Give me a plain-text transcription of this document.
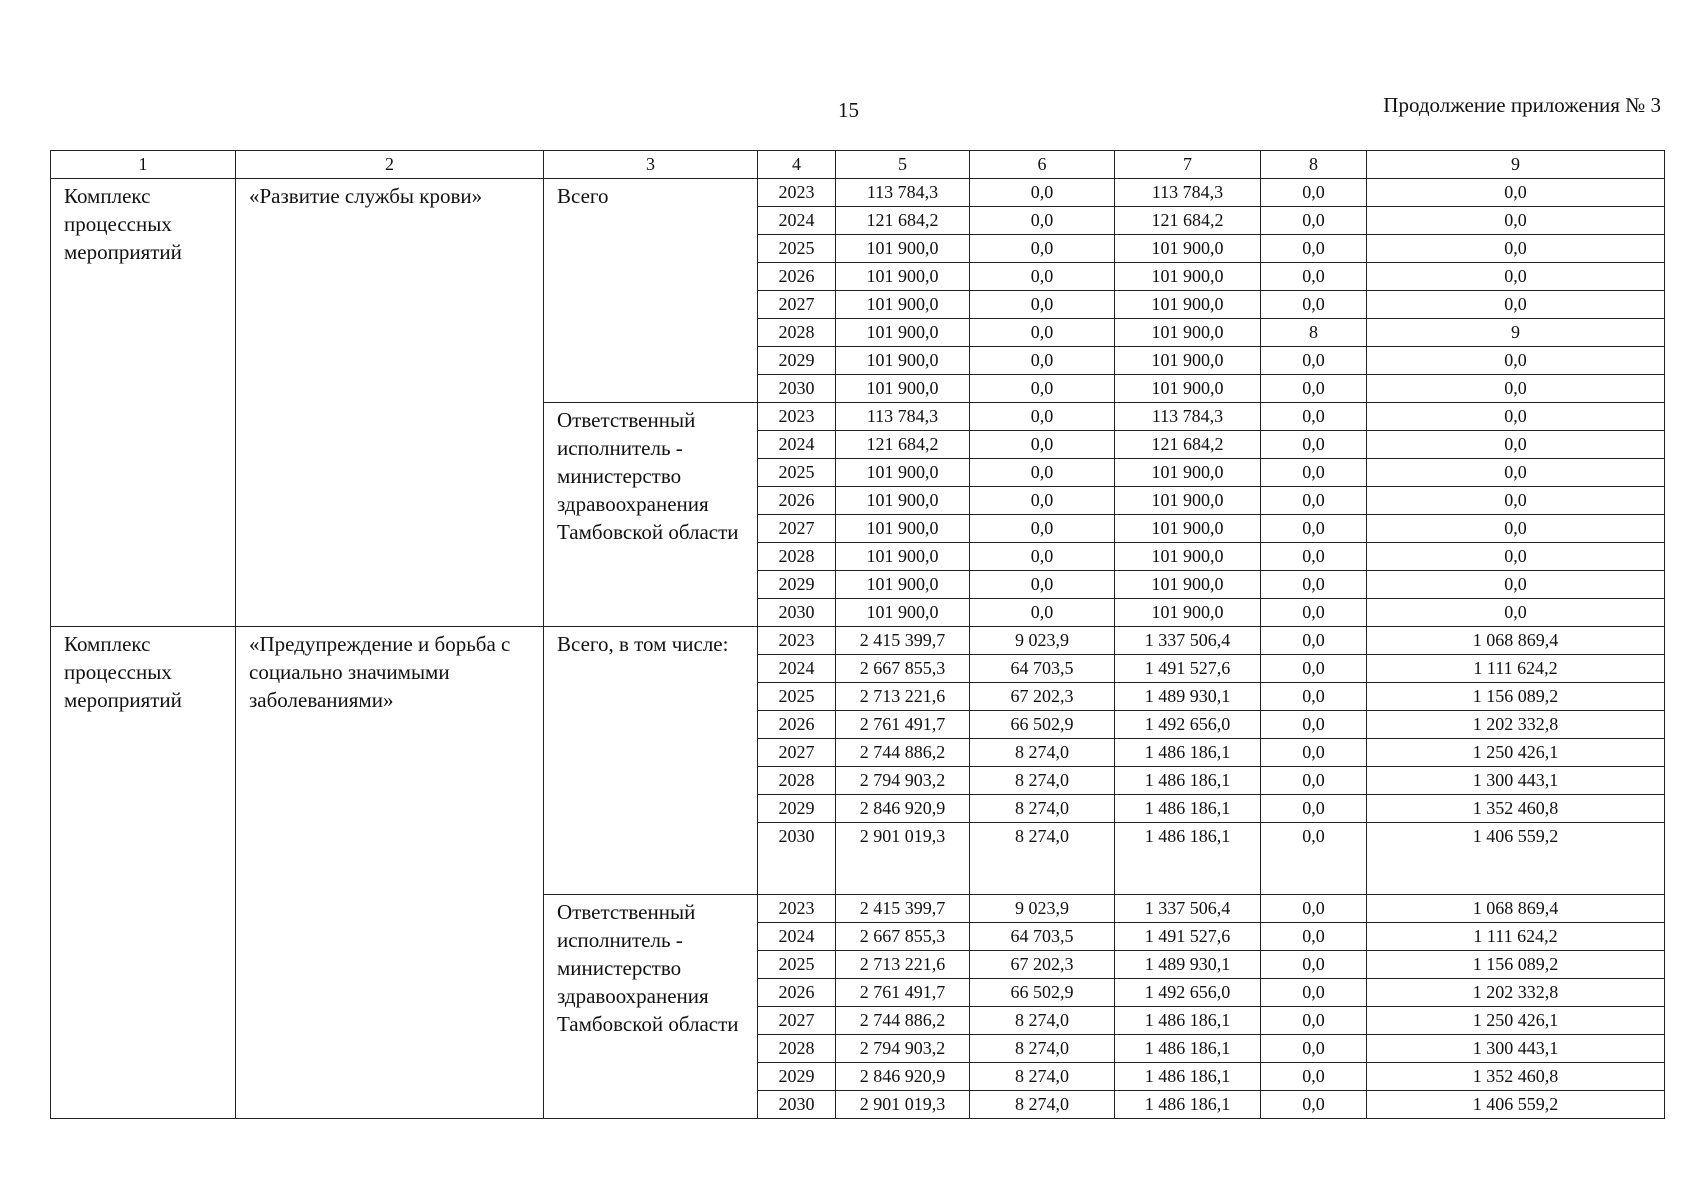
15	Продолжение приложения № 3
1	2	3	4	5	6	7	8	9
Комплекс процессных мероприятий	«Развитие службы крови»	Всего	2023	113 784,3	0,0	113 784,3	0,0	0,0
			2024	121 684,2	0,0	121 684,2	0,0	0,0
			2025	101 900,0	0,0	101 900,0	0,0	0,0
			2026	101 900,0	0,0	101 900,0	0,0	0,0
			2027	101 900,0	0,0	101 900,0	0,0	0,0
			2028	101 900,0	0,0	101 900,0	8	9
			2029	101 900,0	0,0	101 900,0	0,0	0,0
			2030	101 900,0	0,0	101 900,0	0,0	0,0
		Ответственный исполнитель - министерство здравоохранения Тамбовской области	2023	113 784,3	0,0	113 784,3	0,0	0,0
			2024	121 684,2	0,0	121 684,2	0,0	0,0
			2025	101 900,0	0,0	101 900,0	0,0	0,0
			2026	101 900,0	0,0	101 900,0	0,0	0,0
			2027	101 900,0	0,0	101 900,0	0,0	0,0
			2028	101 900,0	0,0	101 900,0	0,0	0,0
			2029	101 900,0	0,0	101 900,0	0,0	0,0
			2030	101 900,0	0,0	101 900,0	0,0	0,0
Комплекс процессных мероприятий	«Предупреждение и борьба с социально значимыми заболеваниями»	Всего, в том числе:	2023	2 415 399,7	9 023,9	1 337 506,4	0,0	1 068 869,4
			2024	2 667 855,3	64 703,5	1 491 527,6	0,0	1 111 624,2
			2025	2 713 221,6	67 202,3	1 489 930,1	0,0	1 156 089,2
			2026	2 761 491,7	66 502,9	1 492 656,0	0,0	1 202 332,8
			2027	2 744 886,2	8 274,0	1 486 186,1	0,0	1 250 426,1
			2028	2 794 903,2	8 274,0	1 486 186,1	0,0	1 300 443,1
			2029	2 846 920,9	8 274,0	1 486 186,1	0,0	1 352 460,8
			2030	2 901 019,3	8 274,0	1 486 186,1	0,0	1 406 559,2
		Ответственный исполнитель - министерство здравоохранения Тамбовской области	2023	2 415 399,7	9 023,9	1 337 506,4	0,0	1 068 869,4
			2024	2 667 855,3	64 703,5	1 491 527,6	0,0	1 111 624,2
			2025	2 713 221,6	67 202,3	1 489 930,1	0,0	1 156 089,2
			2026	2 761 491,7	66 502,9	1 492 656,0	0,0	1 202 332,8
			2027	2 744 886,2	8 274,0	1 486 186,1	0,0	1 250 426,1
			2028	2 794 903,2	8 274,0	1 486 186,1	0,0	1 300 443,1
			2029	2 846 920,9	8 274,0	1 486 186,1	0,0	1 352 460,8
			2030	2 901 019,3	8 274,0	1 486 186,1	0,0	1 406 559,2
